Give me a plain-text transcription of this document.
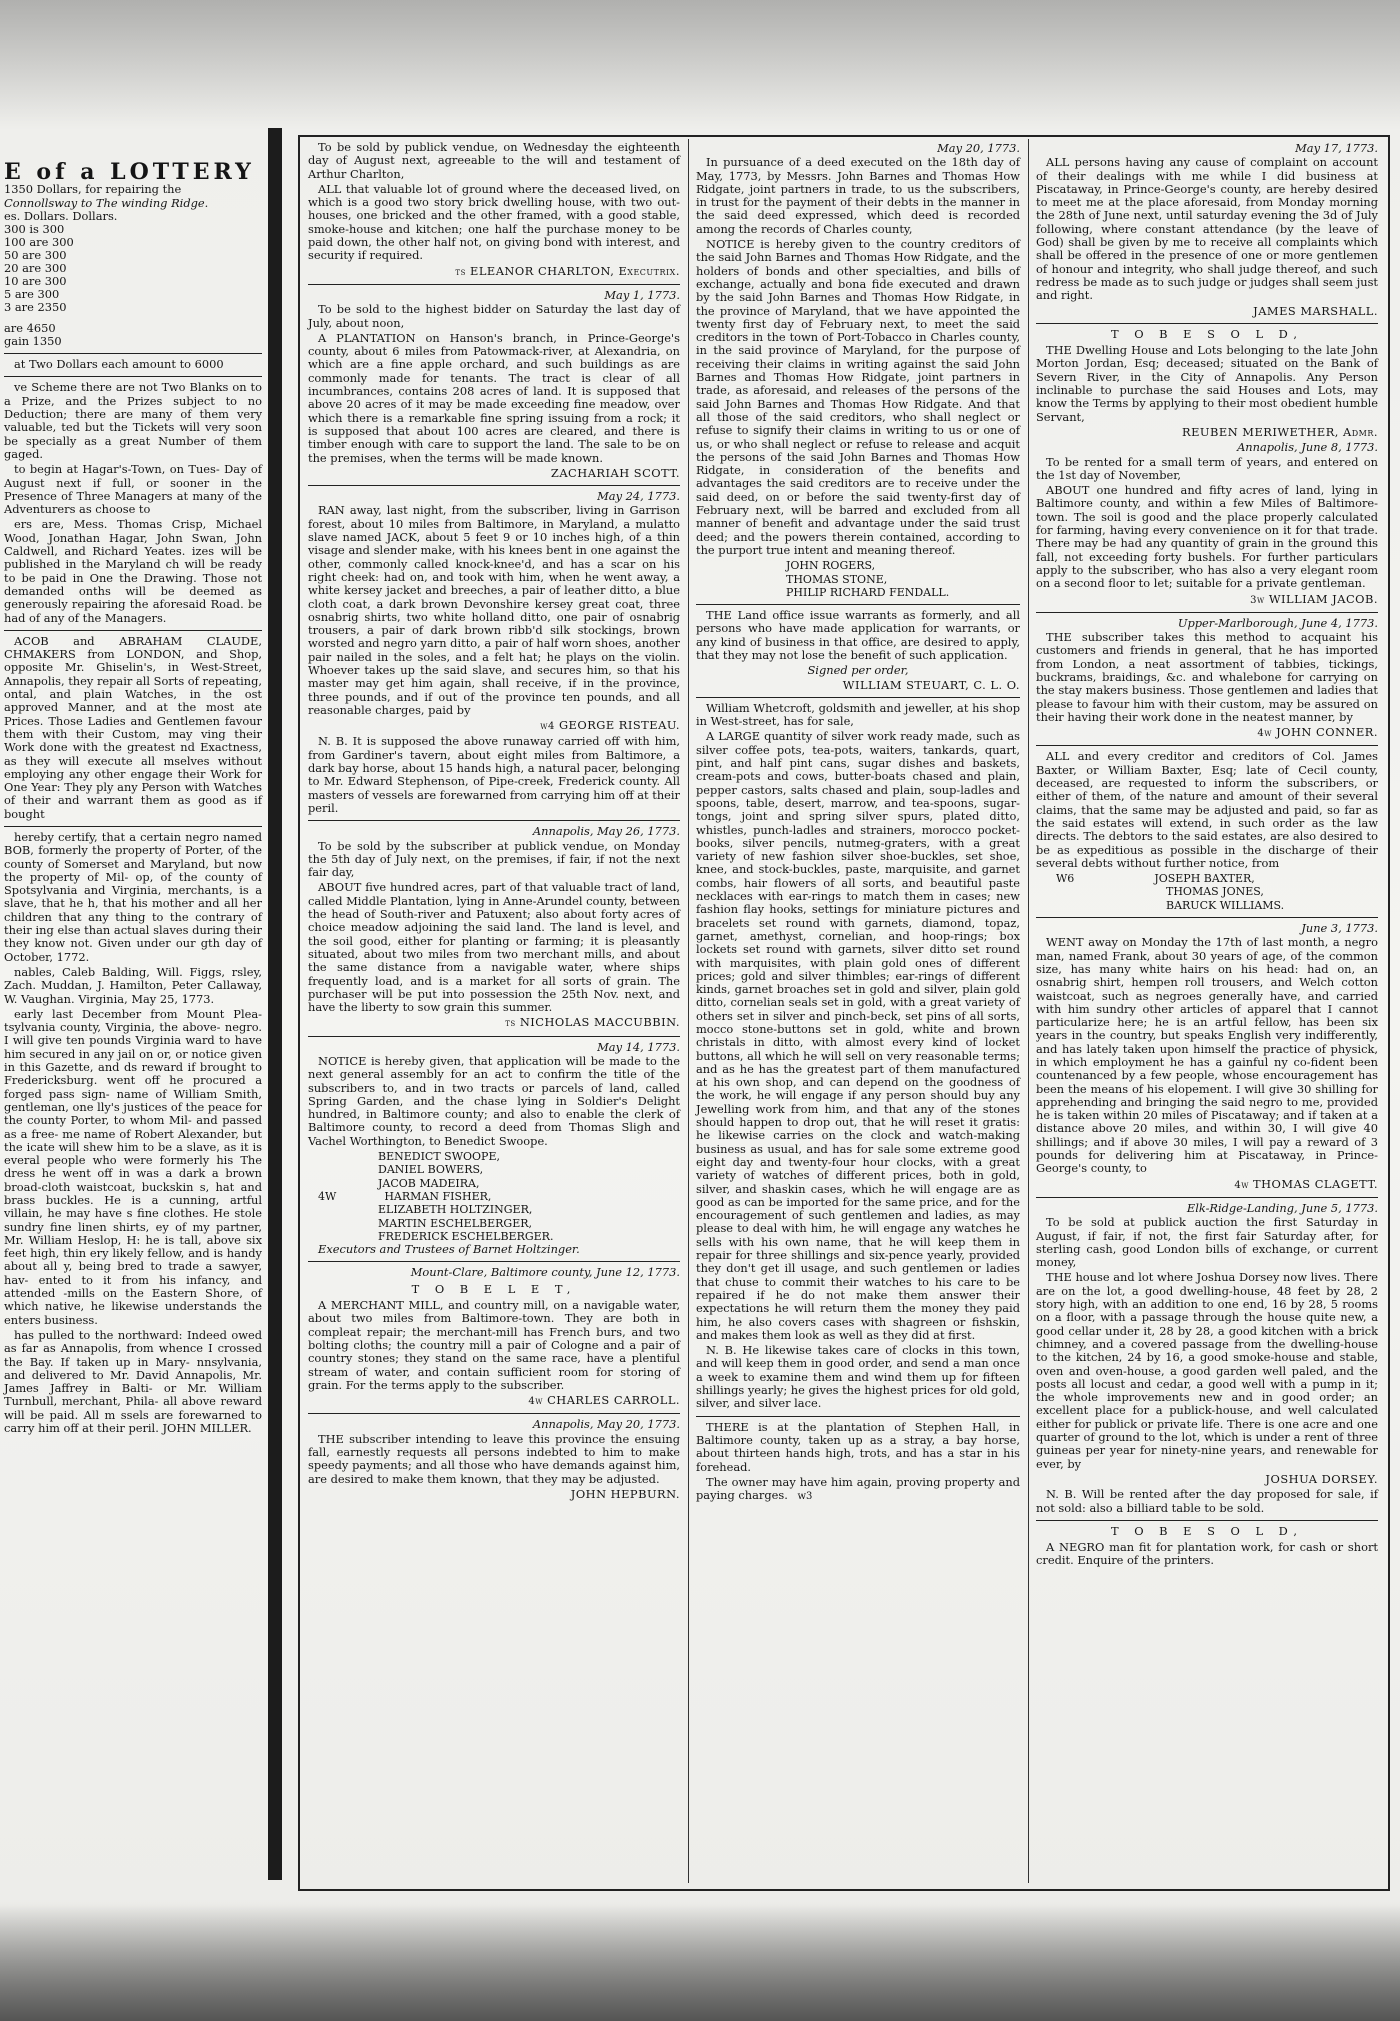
E of a LOTTERY
1350 Dollars, for repairing the
Connollsway to The winding Ridge.
es. Dollars. Dollars.
300 is 300
100 are 300
50 are 300
20 are 300
10 are 300
5 are 300
3 are 2350
are 4650
gain 1350

at Two Dollars each amount to 6000

ve Scheme there are not Two Blanks on to a Prize, and the Prizes subject to no Deduction; there are many of them very valuable, ted but the Tickets will very soon be specially as a great Number of them gaged.

to begin at Hagar's-Town, on Tues- Day of August next if full, or sooner in the Presence of Three Managers at many of the Adventurers as choose to

ers are, Mess. Thomas Crisp, Michael Wood, Jonathan Hagar, John Swan, John Caldwell, and Richard Yeates. izes will be published in the Maryland ch will be ready to be paid in One the Drawing. Those not demanded onths will be deemed as generously repairing the aforesaid Road. be had of any of the Managers.

ACOB and ABRAHAM CLAUDE, CHMAKERS from LONDON, and Shop, opposite Mr. Ghiselin's, in West-Street, Annapolis, they repair all Sorts of repeating, ontal, and plain Watches, in the ost approved Manner, and at the most ate Prices. Those Ladies and Gentlemen favour them with their Custom, may ving their Work done with the greatest nd Exactness, as they will execute all mselves without employing any other engage their Work for One Year: They ply any Person with Watches of their and warrant them as good as if bought

hereby certify, that a certain negro named BOB, formerly the property of Porter, of the county of Somerset and Maryland, but now the property of Mil- op, of the county of Spotsylvania and Virginia, merchants, is a slave, that he h, that his mother and all her children that any thing to the contrary of their ing else than actual slaves during their they know not. Given under our gth day of October, 1772.

nables, Caleb Balding, Will. Figgs, rsley, Zach. Muddan, J. Hamilton, Peter Callaway, W. Vaughan. Virginia, May 25, 1773.

early last December from Mount Plea- tsylvania county, Virginia, the above- negro. I will give ten pounds Virginia ward to have him secured in any jail on or, or notice given in this Gazette, and ds reward if brought to Fredericksburg. went off he procured a forged pass sign- name of William Smith, gentleman, one lly's justices of the peace for the county Porter, to whom Mil- and passed as a free- me name of Robert Alexander, but the icate will shew him to be a slave, as it is everal people who were formerly his The dress he went off in was a dark a brown broad-cloth waistcoat, buckskin s, hat and brass buckles. He is a cunning, artful villain, he may have s fine clothes. He stole sundry fine linen shirts, ey of my partner, Mr. William Heslop, H: he is tall, above six feet high, thin ery likely fellow, and is handy about all y, being bred to trade a sawyer, hav- ented to it from his infancy, and attended -mills on the Eastern Shore, of which native, he likewise understands the enters business.

has pulled to the northward: Indeed owed as far as Annapolis, from whence I crossed the Bay. If taken up in Mary- nnsylvania, and delivered to Mr. David Annapolis, Mr. James Jaffrey in Balti- or Mr. William Turnbull, merchant, Phila- all above reward will be paid. All m ssels are forewarned to carry him off at their peril. JOHN MILLER.

To be sold by publick vendue, on Wednesday the eighteenth day of August next, agreeable to the will and testament of Arthur Charlton,

ALL that valuable lot of ground where the deceased lived, on which is a good two story brick dwelling house, with two out-houses, one bricked and the other framed, with a good stable, smoke-house and kitchen; one half the purchase money to be paid down, the other half not, on giving bond with interest, and security if required.

ts ELEANOR CHARLTON, Executrix.
May 1, 1773.

To be sold to the highest bidder on Saturday the last day of July, about noon,

A PLANTATION on Hanson's branch, in Prince-George's county, about 6 miles from Patowmack-river, at Alexandria, on which are a fine apple orchard, and such buildings as are commonly made for tenants. The tract is clear of all incumbrances, contains 208 acres of land. It is supposed that above 20 acres of it may be made exceeding fine meadow, over which there is a remarkable fine spring issuing from a rock; it is supposed that about 100 acres are cleared, and there is timber enough with care to support the land. The sale to be on the premises, when the terms will be made known.

ZACHARIAH SCOTT.
May 24, 1773.

RAN away, last night, from the subscriber, living in Garrison forest, about 10 miles from Baltimore, in Maryland, a mulatto slave named JACK, about 5 feet 9 or 10 inches high, of a thin visage and slender make, with his knees bent in one against the other, commonly called knock-knee'd, and has a scar on his right cheek: had on, and took with him, when he went away, a white kersey jacket and breeches, a pair of leather ditto, a blue cloth coat, a dark brown Devonshire kersey great coat, three osnabrig shirts, two white holland ditto, one pair of osnabrig trousers, a pair of dark brown ribb'd silk stockings, brown worsted and negro yarn ditto, a pair of half worn shoes, another pair nailed in the soles, and a felt hat; he plays on the violin. Whoever takes up the said slave, and secures him, so that his master may get him again, shall receive, if in the province, three pounds, and if out of the province ten pounds, and all reasonable charges, paid by

w4 GEORGE RISTEAU.

N. B. It is supposed the above runaway carried off with him, from Gardiner's tavern, about eight miles from Baltimore, a dark bay horse, about 15 hands high, a natural pacer, belonging to Mr. Edward Stephenson, of Pipe-creek, Frederick county. All masters of vessels are forewarned from carrying him off at their peril.

Annapolis, May 26, 1773.

To be sold by the subscriber at publick vendue, on Monday the 5th day of July next, on the premises, if fair, if not the next fair day,

ABOUT five hundred acres, part of that valuable tract of land, called Middle Plantation, lying in Anne-Arundel county, between the head of South-river and Patuxent; also about forty acres of choice meadow adjoining the said land. The land is level, and the soil good, either for planting or farming; it is pleasantly situated, about two miles from two merchant mills, and about the same distance from a navigable water, where ships frequently load, and is a market for all sorts of grain. The purchaser will be put into possession the 25th Nov. next, and have the liberty to sow grain this summer.

ts NICHOLAS MACCUBBIN.
May 14, 1773.

NOTICE is hereby given, that application will be made to the next general assembly for an act to confirm the title of the subscribers to, and in two tracts or parcels of land, called Spring Garden, and the chase lying in Soldier's Delight hundred, in Baltimore county; and also to enable the clerk of Baltimore county, to record a deed from Thomas Sligh and Vachel Worthington, to Benedict Swoope.

BENEDICT SWOOPE,
DANIEL BOWERS,
JACOB MADEIRA,
4W	HARMAN FISHER,
ELIZABETH HOLTZINGER,
MARTIN ESCHELBERGER,
FREDERICK ESCHELBERGER.

Executors and Trustees of Barnet Holtzinger.

Mount-Clare, Baltimore county, June 12, 1773.
T O B E L E T,

A MERCHANT MILL, and country mill, on a navigable water, about two miles from Baltimore-town. They are both in compleat repair; the merchant-mill has French burs, and two bolting cloths; the country mill a pair of Cologne and a pair of country stones; they stand on the same race, have a plentiful stream of water, and contain sufficient room for storing of grain. For the terms apply to the subscriber.

4w CHARLES CARROLL.
Annapolis, May 20, 1773.

THE subscriber intending to leave this province the ensuing fall, earnestly requests all persons indebted to him to make speedy payments; and all those who have demands against him, are desired to make them known, that they may be adjusted.

JOHN HEPBURN.
May 20, 1773.

In pursuance of a deed executed on the 18th day of May, 1773, by Messrs. John Barnes and Thomas How Ridgate, joint partners in trade, to us the subscribers, in trust for the payment of their debts in the manner in the said deed expressed, which deed is recorded among the records of Charles county,

NOTICE is hereby given to the country creditors of the said John Barnes and Thomas How Ridgate, and the holders of bonds and other specialties, and bills of exchange, actually and bona fide executed and drawn by the said John Barnes and Thomas How Ridgate, in the province of Maryland, that we have appointed the twenty first day of February next, to meet the said creditors in the town of Port-Tobacco in Charles county, in the said province of Maryland, for the purpose of receiving their claims in writing against the said John Barnes and Thomas How Ridgate, joint partners in trade, as aforesaid, and releases of the persons of the said John Barnes and Thomas How Ridgate. And that all those of the said creditors, who shall neglect or refuse to signify their claims in writing to us or one of us, or who shall neglect or refuse to release and acquit the persons of the said John Barnes and Thomas How Ridgate, in consideration of the benefits and advantages the said creditors are to receive under the said deed, on or before the said twenty-first day of February next, will be barred and excluded from all manner of benefit and advantage under the said trust deed; and the powers therein contained, according to the purport true intent and meaning thereof.

JOHN ROGERS,
THOMAS STONE,
PHILIP RICHARD FENDALL.

THE Land office issue warrants as formerly, and all persons who have made application for warrants, or any kind of business in that office, are desired to apply, that they may not lose the benefit of such application.

Signed per order,
WILLIAM STEUART, C. L. O.

William Whetcroft, goldsmith and jeweller, at his shop in West-street, has for sale,

A LARGE quantity of silver work ready made, such as silver coffee pots, tea-pots, waiters, tankards, quart, pint, and half pint cans, sugar dishes and baskets, cream-pots and cows, butter-boats chased and plain, pepper castors, salts chased and plain, soup-ladles and spoons, table, desert, marrow, and tea-spoons, sugar-tongs, joint and spring silver spurs, plated ditto, whistles, punch-ladles and strainers, morocco pocket-books, silver pencils, nutmeg-graters, with a great variety of new fashion silver shoe-buckles, set shoe, knee, and stock-buckles, paste, marquisite, and garnet combs, hair flowers of all sorts, and beautiful paste necklaces with ear-rings to match them in cases; new fashion flay hooks, settings for miniature pictures and bracelets set round with garnets, diamond, topaz, garnet, amethyst, cornelian, and hoop-rings; box lockets set round with garnets, silver ditto set round with marquisites, with plain gold ones of different prices; gold and silver thimbles; ear-rings of different kinds, garnet broaches set in gold and silver, plain gold ditto, cornelian seals set in gold, with a great variety of others set in silver and pinch-beck, set pins of all sorts, mocco stone-buttons set in gold, white and brown christals in ditto, with almost every kind of locket buttons, all which he will sell on very reasonable terms; and as he has the greatest part of them manufactured at his own shop, and can depend on the goodness of the work, he will engage if any person should buy any Jewelling work from him, and that any of the stones should happen to drop out, that he will reset it gratis: he likewise carries on the clock and watch-making business as usual, and has for sale some extreme good eight day and twenty-four hour clocks, with a great variety of watches of different prices, both in gold, silver, and shaskin cases, which he will engage are as good as can be imported for the same price, and for the encouragement of such gentlemen and ladies, as may please to deal with him, he will engage any watches he sells with his own name, that he will keep them in repair for three shillings and six-pence yearly, provided they don't get ill usage, and such gentlemen or ladies that chuse to commit their watches to his care to be repaired if he do not make them answer their expectations he will return them the money they paid him, he also covers cases with shagreen or fishskin, and makes them look as well as they did at first.

N. B. He likewise takes care of clocks in this town, and will keep them in good order, and send a man once a week to examine them and wind them up for fifteen shillings yearly; he gives the highest prices for old gold, silver, and silver lace.

THERE is at the plantation of Stephen Hall, in Baltimore county, taken up as a stray, a bay horse, about thirteen hands high, trots, and has a star in his forehead.

The owner may have him again, proving property and paying charges. w3

May 17, 1773.

ALL persons having any cause of complaint on account of their dealings with me while I did business at Piscataway, in Prince-George's county, are hereby desired to meet me at the place aforesaid, from Monday morning the 28th of June next, until saturday evening the 3d of July following, where constant attendance (by the leave of God) shall be given by me to receive all complaints which shall be offered in the presence of one or more gentlemen of honour and integrity, who shall judge thereof, and such redress be made as to such judge or judges shall seem just and right.

JAMES MARSHALL.
T O B E S O L D,

THE Dwelling House and Lots belonging to the late John Morton Jordan, Esq; deceased; situated on the Bank of Severn River, in the City of Annapolis. Any Person inclinable to purchase the said Houses and Lots, may know the Terms by applying to their most obedient humble Servant,

REUBEN MERIWETHER, Admr.
Annapolis, June 8, 1773.

To be rented for a small term of years, and entered on the 1st day of November,

ABOUT one hundred and fifty acres of land, lying in Baltimore county, and within a few Miles of Baltimore-town. The soil is good and the place properly calculated for farming, having every convenience on it for that trade. There may be had any quantity of grain in the ground this fall, not exceeding forty bushels. For further particulars apply to the subscriber, who has also a very elegant room on a second floor to let; suitable for a private gentleman.

3w WILLIAM JACOB.
Upper-Marlborough, June 4, 1773.

THE subscriber takes this method to acquaint his customers and friends in general, that he has imported from London, a neat assortment of tabbies, tickings, buckrams, braidings, &c. and whalebone for carrying on the stay makers business. Those gentlemen and ladies that please to favour him with their custom, may be assured on their having their work done in the neatest manner, by

4w JOHN CONNER.

ALL and every creditor and creditors of Col. James Baxter, or William Baxter, Esq; late of Cecil county, deceased, are requested to inform the subscribers, or either of them, of the nature and amount of their several claims, that the same may be adjusted and paid, so far as the said estates will extend, in such order as the law directs. The debtors to the said estates, are also desired to be as expeditious as possible in the discharge of their several debts without further notice, from

W6	JOSEPH BAXTER,
THOMAS JONES,
BARUCK WILLIAMS.
June 3, 1773.

WENT away on Monday the 17th of last month, a negro man, named Frank, about 30 years of age, of the common size, has many white hairs on his head: had on, an osnabrig shirt, hempen roll trousers, and Welch cotton waistcoat, such as negroes generally have, and carried with him sundry other articles of apparel that I cannot particularize here; he is an artful fellow, has been six years in the country, but speaks English very indifferently, and has lately taken upon himself the practice of physick, in which employment he has a gainful ny co-fident been countenanced by a few people, whose encouragement has been the means of his elopement. I will give 30 shilling for apprehending and bringing the said negro to me, provided he is taken within 20 miles of Piscataway; and if taken at a distance above 20 miles, and within 30, I will give 40 shillings; and if above 30 miles, I will pay a reward of 3 pounds for delivering him at Piscataway, in Prince-George's county, to

4w THOMAS CLAGETT.
Elk-Ridge-Landing, June 5, 1773.

To be sold at publick auction the first Saturday in August, if fair, if not, the first fair Saturday after, for sterling cash, good London bills of exchange, or current money,

THE house and lot where Joshua Dorsey now lives. There are on the lot, a good dwelling-house, 48 feet by 28, 2 story high, with an addition to one end, 16 by 28, 5 rooms on a floor, with a passage through the house quite new, a good cellar under it, 28 by 28, a good kitchen with a brick chimney, and a covered passage from the dwelling-house to the kitchen, 24 by 16, a good smoke-house and stable, oven and oven-house, a good garden well paled, and the posts all locust and cedar, a good well with a pump in it; the whole improvements new and in good order; an excellent place for a publick-house, and well calculated either for publick or private life. There is one acre and one quarter of ground to the lot, which is under a rent of three guineas per year for ninety-nine years, and renewable for ever, by

JOSHUA DORSEY.

N. B. Will be rented after the day proposed for sale, if not sold: also a billiard table to be sold.

T O B E S O L D,

A NEGRO man fit for plantation work, for cash or short credit. Enquire of the printers.
